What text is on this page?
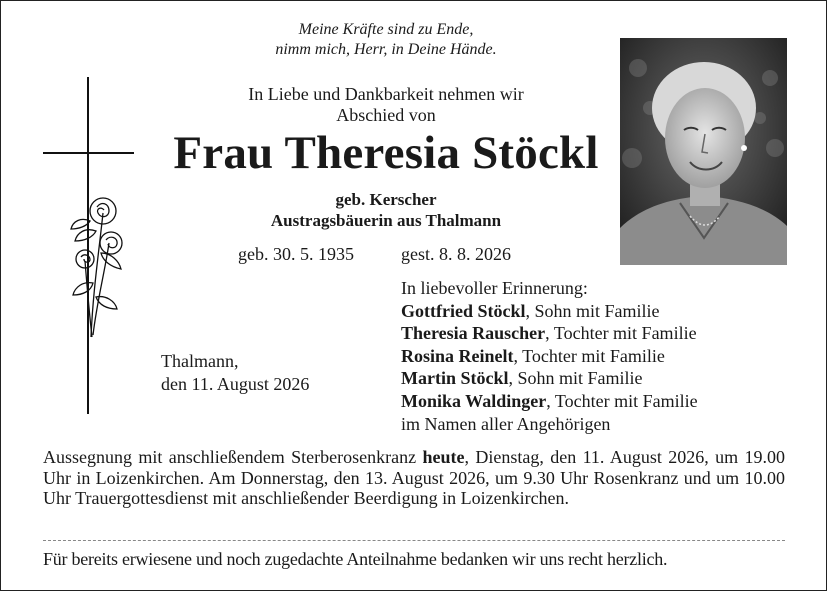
Meine Kräfte sind zu Ende,
nimm mich, Herr, in Deine Hände.
In Liebe und Dankbarkeit nehmen wir
Abschied von
Frau Theresia Stöckl
geb. Kerscher
Austragsbäuerin aus Thalmann
geb. 30. 5. 1935	gest. 8. 8. 2026
In liebevoller Erinnerung:
Gottfried Stöckl, Sohn mit Familie
Theresia Rauscher, Tochter mit Familie
Rosina Reinelt, Tochter mit Familie
Martin Stöckl, Sohn mit Familie
Monika Waldinger, Tochter mit Familie
im Namen aller Angehörigen
Thalmann,
den 11. August 2026
Aussegnung mit anschließendem Sterberosenkranz heute, Dienstag, den 11. August 2026, um 19.00 Uhr in Loizenkirchen. Am Donnerstag, den 13. August 2026, um 9.30 Uhr Rosenkranz und um 10.00 Uhr Trauergottesdienst mit anschließender Beerdigung in Loizenkirchen.
Für bereits erwiesene und noch zugedachte Anteilnahme bedanken wir uns recht herzlich.
